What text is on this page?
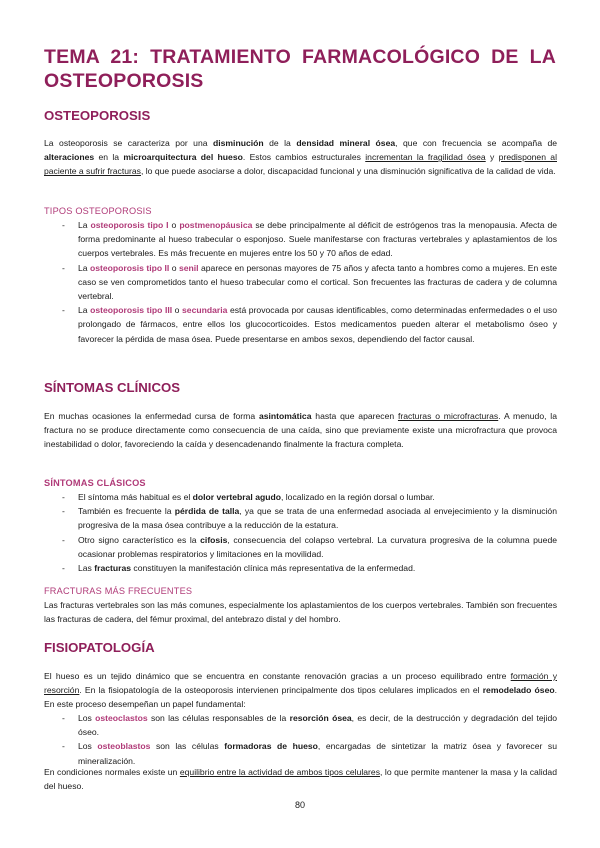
TEMA 21: TRATAMIENTO FARMACOLÓGICO DE LA OSTEOPOROSIS
OSTEOPOROSIS
La osteoporosis se caracteriza por una disminución de la densidad mineral ósea, que con frecuencia se acompaña de alteraciones en la microarquitectura del hueso. Estos cambios estructurales incrementan la fragilidad ósea y predisponen al paciente a sufrir fracturas, lo que puede asociarse a dolor, discapacidad funcional y una disminución significativa de la calidad de vida.
TIPOS OSTEOPOROSIS
- La osteoporosis tipo I o postmenopáusica se debe principalmente al déficit de estrógenos tras la menopausia. Afecta de forma predominante al hueso trabecular o esponjoso. Suele manifestarse con fracturas vertebrales y aplastamientos de los cuerpos vertebrales. Es más frecuente en mujeres entre los 50 y 70 años de edad.
- La osteoporosis tipo II o senil aparece en personas mayores de 75 años y afecta tanto a hombres como a mujeres. En este caso se ven comprometidos tanto el hueso trabecular como el cortical. Son frecuentes las fracturas de cadera y de columna vertebral.
- La osteoporosis tipo III o secundaria está provocada por causas identificables, como determinadas enfermedades o el uso prolongado de fármacos, entre ellos los glucocorticoides. Estos medicamentos pueden alterar el metabolismo óseo y favorecer la pérdida de masa ósea. Puede presentarse en ambos sexos, dependiendo del factor causal.
SÍNTOMAS CLÍNICOS
En muchas ocasiones la enfermedad cursa de forma asintomática hasta que aparecen fracturas o microfracturas. A menudo, la fractura no se produce directamente como consecuencia de una caída, sino que previamente existe una microfractura que provoca inestabilidad o dolor, favoreciendo la caída y desencadenando finalmente la fractura completa.
SÍNTOMAS CLÁSICOS
- El síntoma más habitual es el dolor vertebral agudo, localizado en la región dorsal o lumbar.
- También es frecuente la pérdida de talla, ya que se trata de una enfermedad asociada al envejecimiento y la disminución progresiva de la masa ósea contribuye a la reducción de la estatura.
- Otro signo característico es la cifosis, consecuencia del colapso vertebral. La curvatura progresiva de la columna puede ocasionar problemas respiratorios y limitaciones en la movilidad.
- Las fracturas constituyen la manifestación clínica más representativa de la enfermedad.
FRACTURAS MÁS FRECUENTES
Las fracturas vertebrales son las más comunes, especialmente los aplastamientos de los cuerpos vertebrales. También son frecuentes las fracturas de cadera, del fémur proximal, del antebrazo distal y del hombro.
FISIOPATOLOGÍA
El hueso es un tejido dinámico que se encuentra en constante renovación gracias a un proceso equilibrado entre formación y resorción. En la fisiopatología de la osteoporosis intervienen principalmente dos tipos celulares implicados en el remodelado óseo. En este proceso desempeñan un papel fundamental:
- Los osteoclastos son las células responsables de la resorción ósea, es decir, de la destrucción y degradación del tejido óseo.
- Los osteoblastos son las células formadoras de hueso, encargadas de sintetizar la matriz ósea y favorecer su mineralización.
En condiciones normales existe un equilibrio entre la actividad de ambos tipos celulares, lo que permite mantener la masa y la calidad del hueso.
80
